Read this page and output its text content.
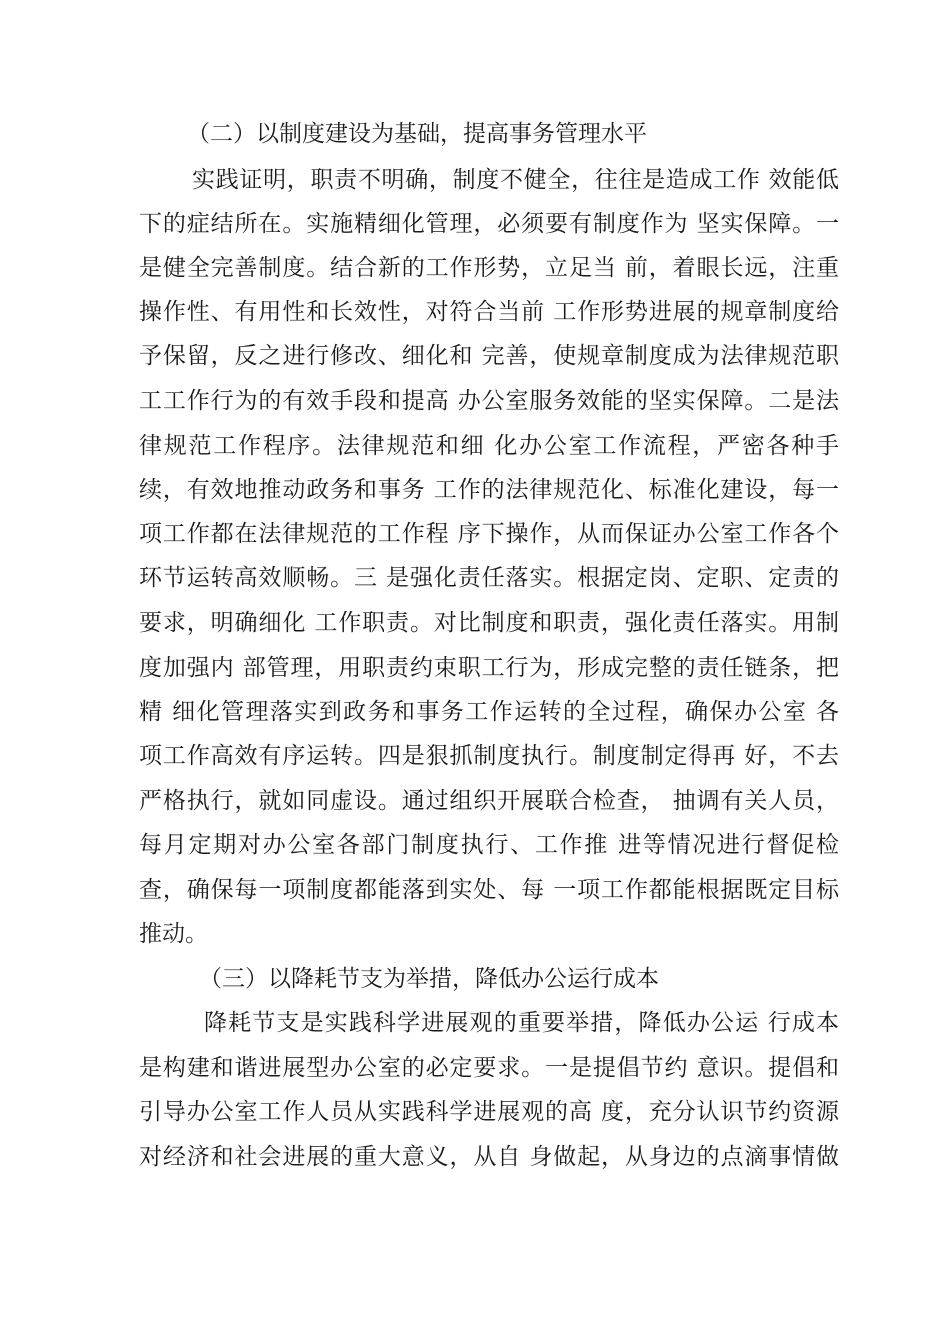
（二）以制度建设为基础，提高事务管理水平
实践证明，职责不明确，制度不健全，往往是造成工作 效能低
下的症结所在。实施精细化管理，必须要有制度作为 坚实保障。一
是健全完善制度。结合新的工作形势，立足当 前，着眼长远，注重
操作性、有用性和长效性，对符合当前 工作形势进展的规章制度给
予保留，反之进行修改、细化和 完善，使规章制度成为法律规范职
工工作行为的有效手段和提高 办公室服务效能的坚实保障。二是法
律规范工作程序。法律规范和细 化办公室工作流程，严密各种手
续，有效地推动政务和事务 工作的法律规范化、标准化建设，每一
项工作都在法律规范的工作程 序下操作，从而保证办公室工作各个
环节运转高效顺畅。三 是强化责任落实。根据定岗、定职、定责的
要求，明确细化 工作职责。对比制度和职责，强化责任落实。用制
度加强内 部管理，用职责约束职工行为，形成完整的责任链条，把
精 细化管理落实到政务和事务工作运转的全过程，确保办公室 各
项工作高效有序运转。四是狠抓制度执行。制度制定得再 好，不去
严格执行，就如同虚设。通过组织开展联合检查， 抽调有关人员，
每月定期对办公室各部门制度执行、工作推 进等情况进行督促检
查，确保每一项制度都能落到实处、每 一项工作都能根据既定目标
推动。
（三）以降耗节支为举措，降低办公运行成本
降耗节支是实践科学进展观的重要举措，降低办公运 行成本
是构建和谐进展型办公室的必定要求。一是提倡节约 意识。提倡和
引导办公室工作人员从实践科学进展观的高 度，充分认识节约资源
对经济和社会进展的重大意义，从自 身做起，从身边的点滴事情做
